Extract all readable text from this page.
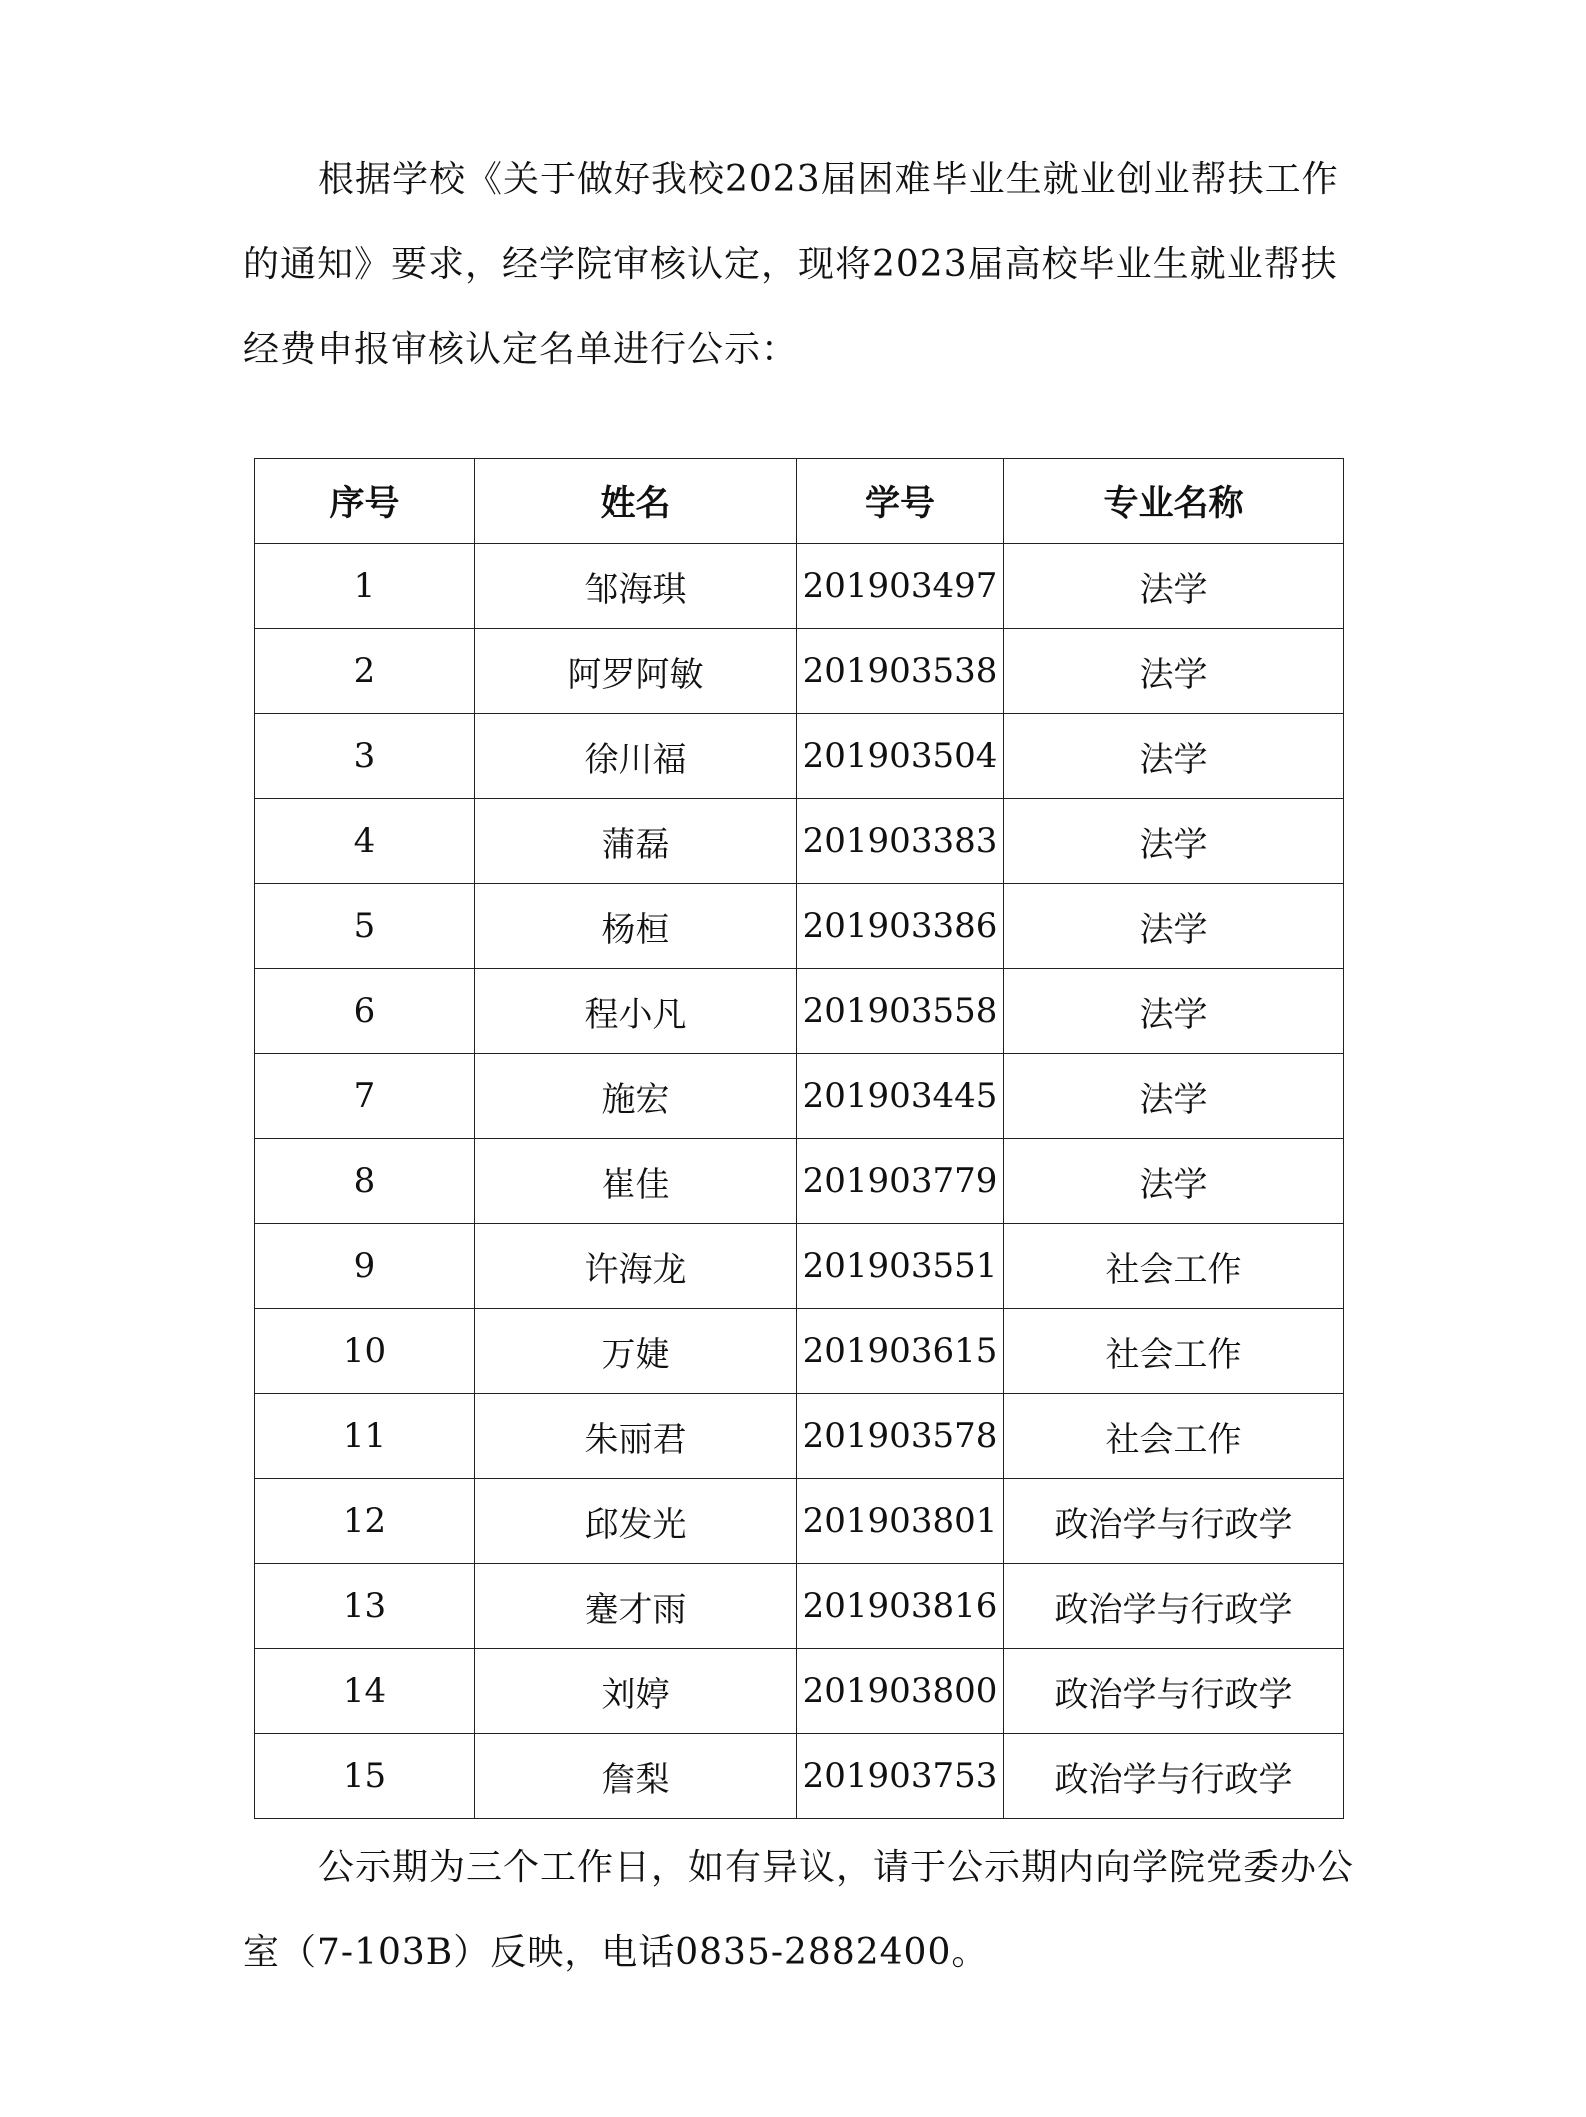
根据学校《关于做好我校2023届困难毕业生就业创业帮扶工作
的通知》要求，经学院审核认定，现将2023届高校毕业生就业帮扶
经费申报审核认定名单进行公示：
序号	姓名	学号	专业名称
1	邹海琪	201903497	法学
2	阿罗阿敏	201903538	法学
3	徐川福	201903504	法学
4	蒲磊	201903383	法学
5	杨桓	201903386	法学
6	程小凡	201903558	法学
7	施宏	201903445	法学
8	崔佳	201903779	法学
9	许海龙	201903551	社会工作
10	万婕	201903615	社会工作
11	朱丽君	201903578	社会工作
12	邱发光	201903801	政治学与行政学
13	蹇才雨	201903816	政治学与行政学
14	刘婷	201903800	政治学与行政学
15	詹梨	201903753	政治学与行政学
公示期为三个工作日，如有异议，请于公示期内向学院党委办公
室（7-103B）反映，电话0835-2882400。
